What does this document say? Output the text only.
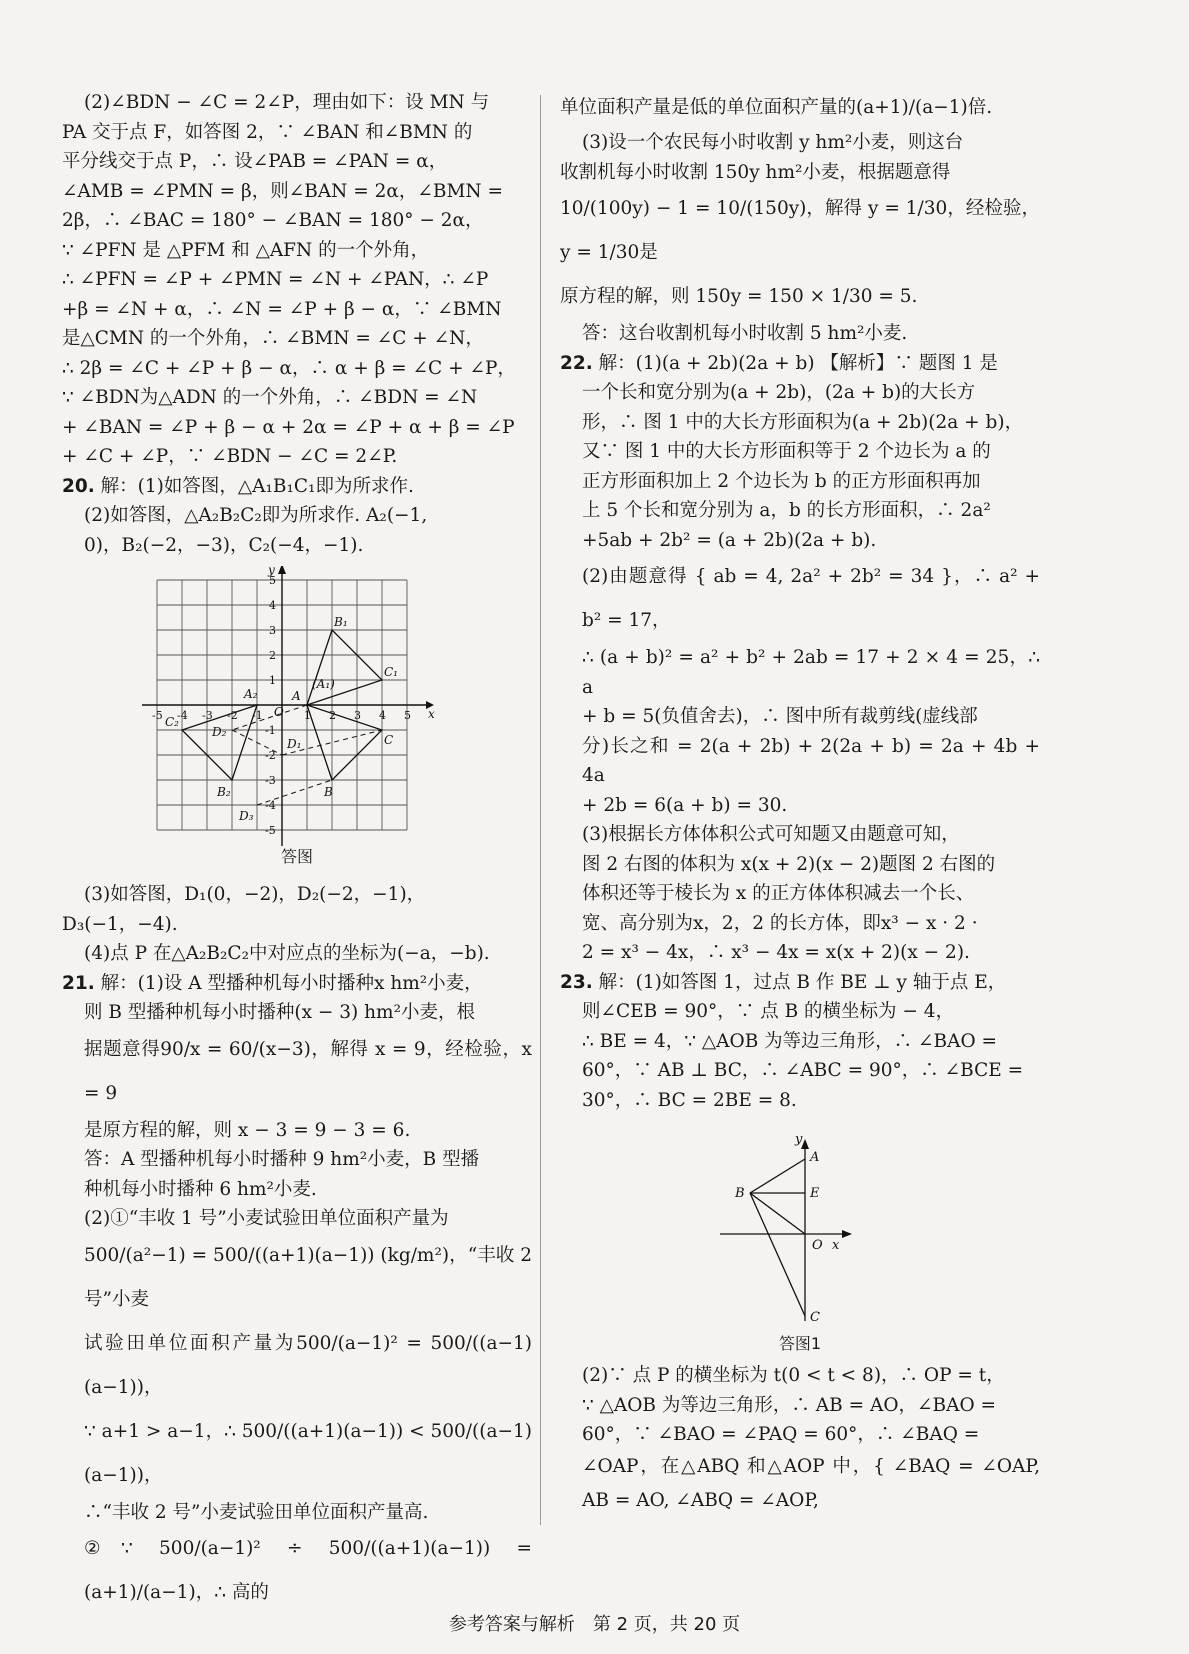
(2)∠BDN − ∠C = 2∠P，理由如下：设 MN 与

PA 交于点 F，如答图 2，∵ ∠BAN 和∠BMN 的

平分线交于点 P，∴ 设∠PAB = ∠PAN = α，

∠AMB = ∠PMN = β，则∠BAN = 2α，∠BMN =

2β，∴ ∠BAC = 180° − ∠BAN = 180° − 2α，

∵ ∠PFN 是 △PFM 和 △AFN 的一个外角，

∴ ∠PFN = ∠P + ∠PMN = ∠N + ∠PAN，∴ ∠P

+β = ∠N + α，∴ ∠N = ∠P + β − α，∵ ∠BMN

是△CMN 的一个外角，∴ ∠BMN = ∠C + ∠N，

∴ 2β = ∠C + ∠P + β − α，∴ α + β = ∠C + ∠P，

∵ ∠BDN为△ADN 的一个外角，∴ ∠BDN = ∠N

+ ∠BAN = ∠P + β − α + 2α = ∠P + α + β = ∠P

+ ∠C + ∠P，∵ ∠BDN − ∠C = 2∠P.

20. 解：(1)如答图，△A₁B₁C₁即为所求作.

(2)如答图，△A₂B₂C₂即为所求作. A₂(−1,

0)，B₂(−2，−3)，C₂(−4，−1).

x
y
O
-5 -4 -3 -2 -1	1 2 3 4 5
5
4
3
2
1
-1
-2
-3
-4
-5
B₁
C₁
A
(A₁)
C
B
A₂
C₂
B₂
D₂
D₁
D₃
答图

(3)如答图，D₁(0，−2)，D₂(−2，−1)，

D₃(−1，−4).

(4)点 P 在△A₂B₂C₂中对应点的坐标为(−a，−b).

21. 解：(1)设 A 型播种机每小时播种x hm²小麦，

则 B 型播种机每小时播种(x − 3) hm²小麦，根

据题意得90/x = 60/(x−3)，解得 x = 9，经检验，x = 9

是原方程的解，则 x − 3 = 9 − 3 = 6.

答：A 型播种机每小时播种 9 hm²小麦，B 型播

种机每小时播种 6 hm²小麦.

(2)①“丰收 1 号”小麦试验田单位面积产量为

500/(a²−1) = 500/((a+1)(a−1)) (kg/m²)，“丰收 2 号”小麦

试验田单位面积产量为500/(a−1)² = 500/((a−1)(a−1))，

∵ a+1 > a−1，∴ 500/((a+1)(a−1)) < 500/((a−1)(a−1))，

∴“丰收 2 号”小麦试验田单位面积产量高.

②∵ 500/(a−1)² ÷ 500/((a+1)(a−1)) = (a+1)/(a−1)，∴ 高的

单位面积产量是低的单位面积产量的(a+1)/(a−1)倍.

(3)设一个农民每小时收割 y hm²小麦，则这台

收割机每小时收割 150y hm²小麦，根据题意得

10/(100y) − 1 = 10/(150y)，解得 y = 1/30，经检验，y = 1/30是

原方程的解，则 150y = 150 × 1/30 = 5.

答：这台收割机每小时收割 5 hm²小麦.

22. 解：(1)(a + 2b)(2a + b) 【解析】∵ 题图 1 是

一个长和宽分别为(a + 2b)，(2a + b)的大长方

形，∴ 图 1 中的大长方形面积为(a + 2b)(2a + b)，

又∵ 图 1 中的大长方形面积等于 2 个边长为 a 的

正方形面积加上 2 个边长为 b 的正方形面积再加

上 5 个长和宽分别为 a，b 的长方形面积，∴ 2a²

+5ab + 2b² = (a + 2b)(2a + b).

(2)由题意得 { ab = 4, 2a² + 2b² = 34 }，∴ a² + b² = 17，

∴ (a + b)² = a² + b² + 2ab = 17 + 2 × 4 = 25，∴ a

+ b = 5(负值舍去)，∴ 图中所有裁剪线(虚线部

分)长之和 = 2(a + 2b) + 2(2a + b) = 2a + 4b + 4a

+ 2b = 6(a + b) = 30.

(3)根据长方体体积公式可知题又由题意可知，

图 2 右图的体积为 x(x + 2)(x − 2)题图 2 右图的

体积还等于棱长为 x 的正方体体积减去一个长、

宽、高分别为x，2，2 的长方体，即x³ − x · 2 ·

2 = x³ − 4x，∴ x³ − 4x = x(x + 2)(x − 2).

23. 解：(1)如答图 1，过点 B 作 BE ⊥ y 轴于点 E，

则∠CEB = 90°，∵ 点 B 的横坐标为 − 4，

∴ BE = 4，∵ △AOB 为等边三角形，∴ ∠BAO =

60°，∵ AB ⊥ BC，∴ ∠ABC = 90°，∴ ∠BCE =

30°，∴ BC = 2BE = 8.

y
A
B	E
O x
C
答图1

(2)∵ 点 P 的横坐标为 t(0 < t < 8)，∴ OP = t，

∵ △AOB 为等边三角形，∴ AB = AO，∠BAO =

60°，∵ ∠BAO = ∠PAQ = 60°，∴ ∠BAQ =

∠OAP，在△ABQ 和△AOP 中，{ ∠BAQ = ∠OAP, AB = AO, ∠ABQ = ∠AOP,

参考答案与解析　第 2 页，共 20 页
